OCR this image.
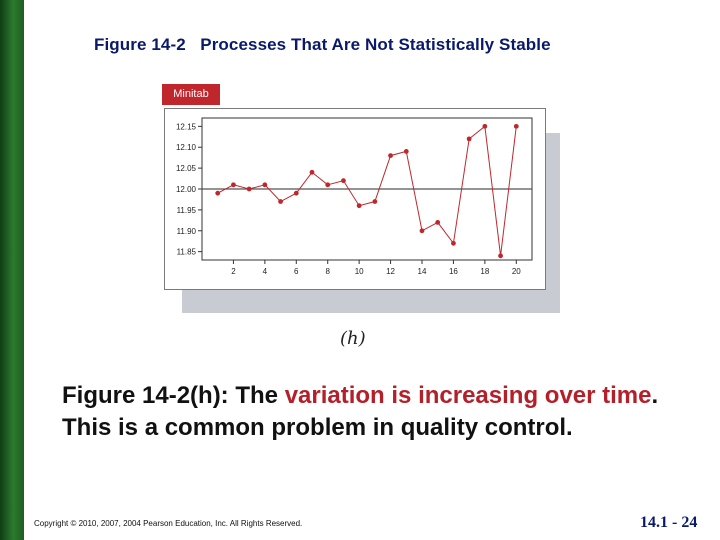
Figure 14-2   Processes That Are Not Statistically Stable
Minitab
12.15
12.10
12.05
12.00
11.95
11.90
11.85
2	4	6	8	10	12	14	16	18	20
(h)
Figure 14-2(h): The variation is increasing over time. This is a common problem in quality control.
Copyright © 2010, 2007, 2004 Pearson Education, Inc. All Rights Reserved.	14.1 - 24
